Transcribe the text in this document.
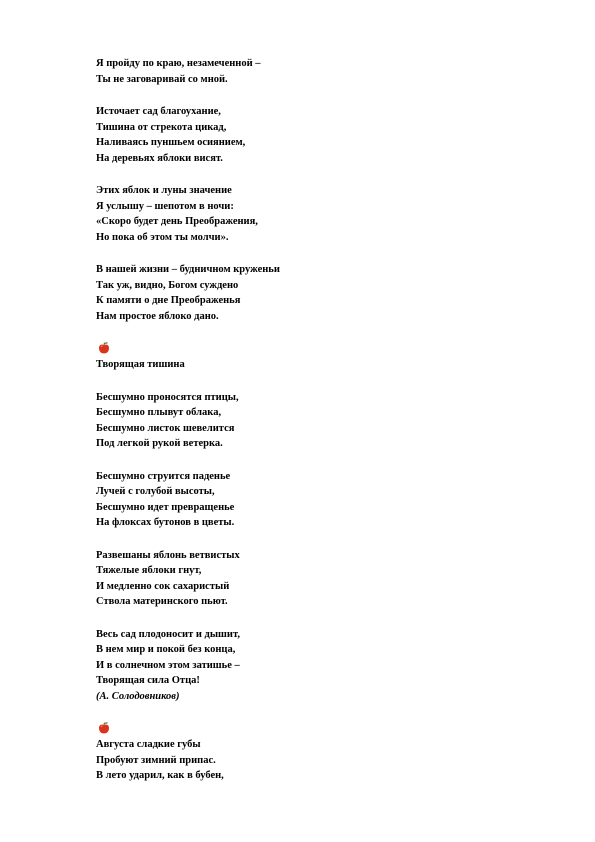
Я пройду по краю, незамеченной –
Ты не заговаривай со мной.
Источает сад благоухание,
Тишина от стрекота цикад,
Наливаясь пуншьем осиянием,
На деревьях яблоки висят.
Этих яблок и луны значение
Я услышу – шепотом в ночи:
«Скоро будет день Преображения,
Но пока об этом ты молчи».
В нашей жизни – будничном круженьи
Так уж, видно, Богом суждено
К памяти о дне Преображенья
Нам простое яблоко дано.
Творящая тишина
Бесшумно проносятся птицы,
Бесшумно плывут облака,
Бесшумно листок шевелится
Под легкой рукой ветерка.
Бесшумно струится паденье
Лучей с голубой высоты,
Бесшумно идет превращенье
На флоксах бутонов в цветы.
Развешаны яблонь ветвистых
Тяжелые яблоки гнут,
И медленно сок сахаристый
Ствола материнского пьют.
Весь сад плодоносит и дышит,
В нем мир и покой без конца,
И в солнечном этом затишье –
Творящая сила Отца!
(А. Солодовников)
Августа сладкие губы
Пробуют зимний припас.
В лето ударил, как в бубен,
